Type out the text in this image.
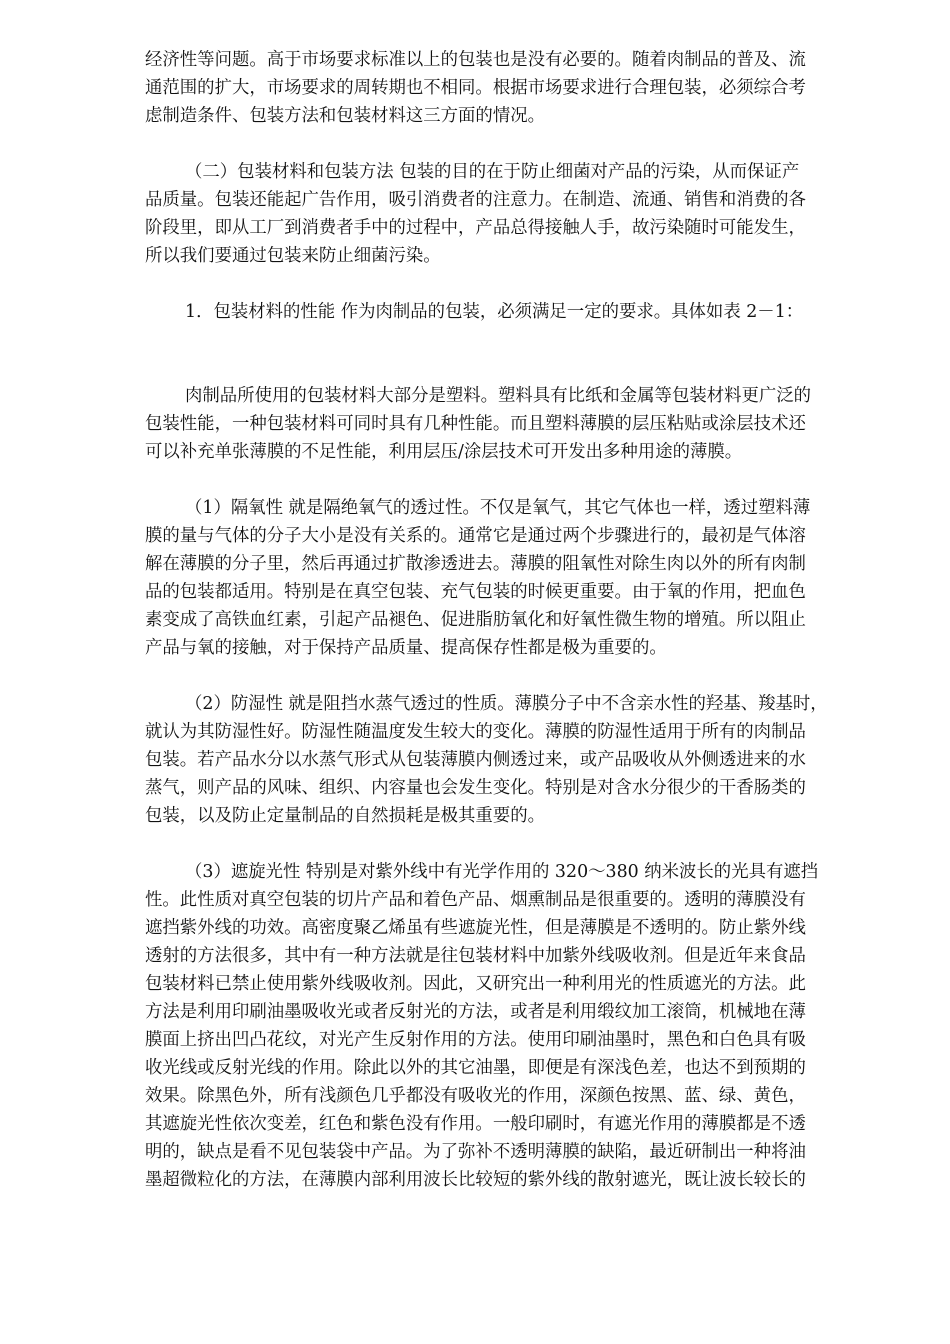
经济性等问题。高于市场要求标准以上的包装也是没有必要的。随着肉制品的普及、流
通范围的扩大，市场要求的周转期也不相同。根据市场要求进行合理包装，必须综合考
虑制造条件、包装方法和包装材料这三方面的情况。

（二）包装材料和包装方法 包装的目的在于防止细菌对产品的污染，从而保证产
品质量。包装还能起广告作用，吸引消费者的注意力。在制造、流通、销售和消费的各
阶段里，即从工厂到消费者手中的过程中，产品总得接触人手，故污染随时可能发生，
所以我们要通过包装来防止细菌污染。

1．包装材料的性能 作为肉制品的包装，必须满足一定的要求。具体如表 2－1：

肉制品所使用的包装材料大部分是塑料。塑料具有比纸和金属等包装材料更广泛的
包装性能，一种包装材料可同时具有几种性能。而且塑料薄膜的层压粘贴或涂层技术还
可以补充单张薄膜的不足性能，利用层压/涂层技术可开发出多种用途的薄膜。

（1）隔氧性 就是隔绝氧气的透过性。不仅是氧气，其它气体也一样，透过塑料薄
膜的量与气体的分子大小是没有关系的。通常它是通过两个步骤进行的，最初是气体溶
解在薄膜的分子里，然后再通过扩散渗透进去。薄膜的阻氧性对除生肉以外的所有肉制
品的包装都适用。特别是在真空包装、充气包装的时候更重要。由于氧的作用，把血色
素变成了高铁血红素，引起产品褪色、促进脂肪氧化和好氧性微生物的增殖。所以阻止
产品与氧的接触，对于保持产品质量、提高保存性都是极为重要的。

（2）防湿性 就是阻挡水蒸气透过的性质。薄膜分子中不含亲水性的羟基、羧基时，
就认为其防湿性好。防湿性随温度发生较大的变化。薄膜的防湿性适用于所有的肉制品
包装。若产品水分以水蒸气形式从包装薄膜内侧透过来，或产品吸收从外侧透进来的水
蒸气，则产品的风味、组织、内容量也会发生变化。特别是对含水分很少的干香肠类的
包装，以及防止定量制品的自然损耗是极其重要的。

（3）遮旋光性 特别是对紫外线中有光学作用的 320～380 纳米波长的光具有遮挡
性。此性质对真空包装的切片产品和着色产品、烟熏制品是很重要的。透明的薄膜没有
遮挡紫外线的功效。高密度聚乙烯虽有些遮旋光性，但是薄膜是不透明的。防止紫外线
透射的方法很多，其中有一种方法就是往包装材料中加紫外线吸收剂。但是近年来食品
包装材料已禁止使用紫外线吸收剂。因此，又研究出一种利用光的性质遮光的方法。此
方法是利用印刷油墨吸收光或者反射光的方法，或者是利用缎纹加工滚筒，机械地在薄
膜面上挤出凹凸花纹，对光产生反射作用的方法。使用印刷油墨时，黑色和白色具有吸
收光线或反射光线的作用。除此以外的其它油墨，即便是有深浅色差，也达不到预期的
效果。除黑色外，所有浅颜色几乎都没有吸收光的作用，深颜色按黑、蓝、绿、黄色，
其遮旋光性依次变差，红色和紫色没有作用。一般印刷时，有遮光作用的薄膜都是不透
明的，缺点是看不见包装袋中产品。为了弥补不透明薄膜的缺陷，最近研制出一种将油
墨超微粒化的方法，在薄膜内部利用波长比较短的紫外线的散射遮光，既让波长较长的
